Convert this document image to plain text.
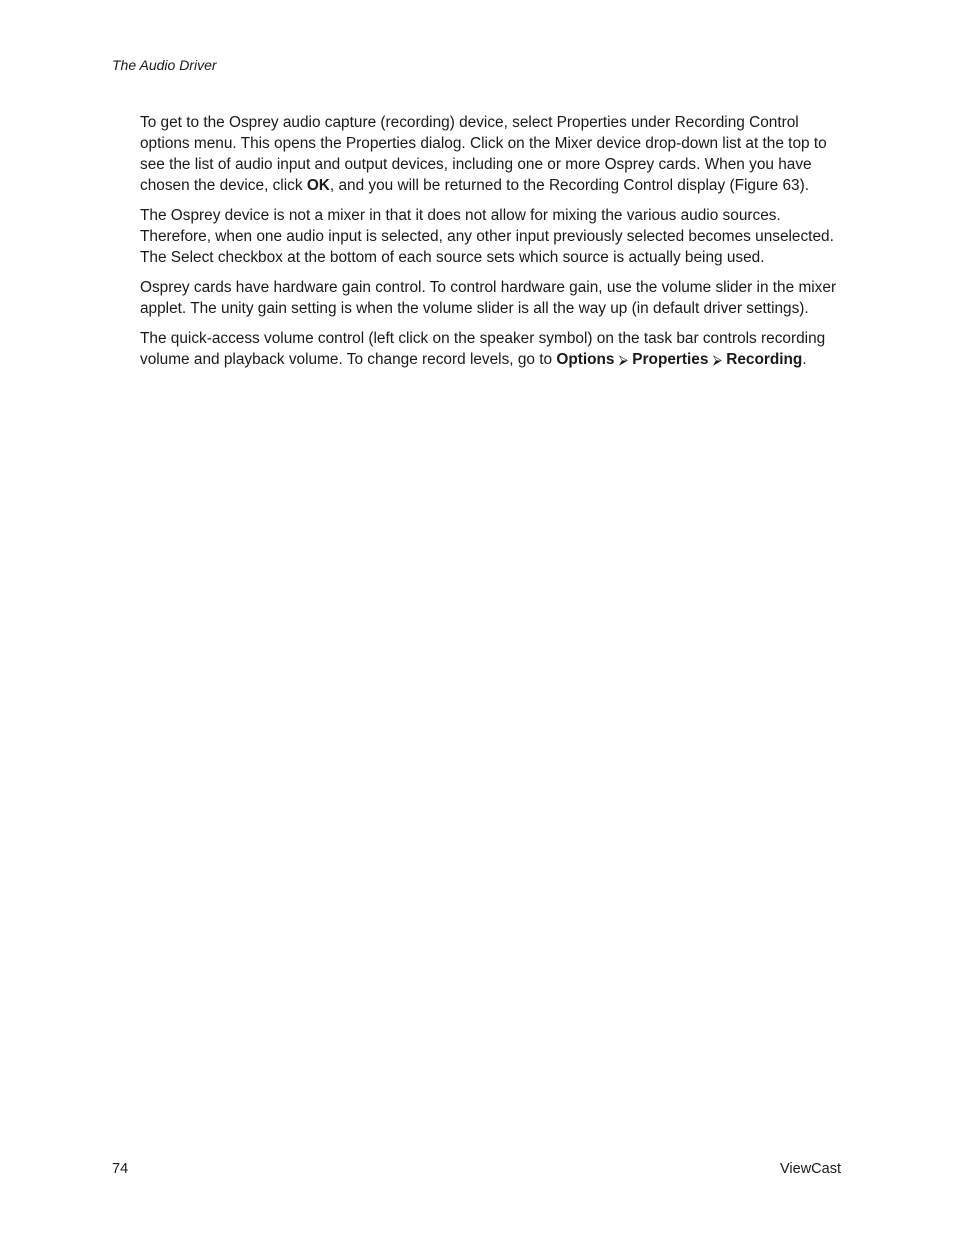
The Audio Driver

To get to the Osprey audio capture (recording) device, select Properties under Recording Control options menu. This opens the Properties dialog. Click on the Mixer device drop-down list at the top to see the list of audio input and output devices, including one or more Osprey cards. When you have chosen the device, click OK, and you will be returned to the Recording Control display (Figure 63).

The Osprey device is not a mixer in that it does not allow for mixing the various audio sources. Therefore, when one audio input is selected, any other input previously selected becomes unselected. The Select checkbox at the bottom of each source sets which source is actually being used.

Osprey cards have hardware gain control. To control hardware gain, use the volume slider in the mixer applet. The unity gain setting is when the volume slider is all the way up (in default driver settings).

The quick-access volume control (left click on the speaker symbol) on the task bar controls recording volume and playback volume. To change record levels, go to Options ⮚ Properties ⮚ Recording.

74	ViewCast
